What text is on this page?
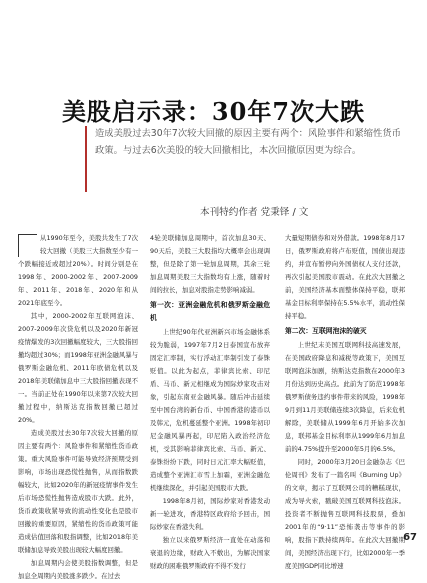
美股启示录：30年7次大跌
造成美股过去30年7次较大回撤的原因主要有两个：风险事件和紧缩性货币政策。与过去6次美股的较大回撤相比，本次回撤原因更为综合。
本刊特约作者 党秉铎 / 文

从1990年至今，美股共发生了7次较大回撤（美股三大指数至少有一个跌幅接近或超过20%）。时间分别是在1998年、2000-2002年、2007-2009年、2011年、2018年、2020年和从2021年底至今。

其中，2000-2002年互联网泡沫、2007-2009年次贷危机以及2020年新冠疫情爆发的3次回撤幅度较大，三大股指回撤均超过30%；而1998年亚洲金融风暴与俄罗斯金融危机、2011年欧债危机以及2018年美联储加息中三大股指回撤表现不一。当前正处在1990年以来第7次较大回撤过程中，纳斯达克指数回撤已超过20%。

造成美股过去30年7次较大回撤的原因主要有两个：风险事件和紧缩性货币政策。重大风险事件可能导致经济预期受到影响，市场出现恐慌性抛售，从而指数跌幅较大，比如2020年的新冠疫情事件发生后市场恐慌性抛售造成股市大跌。此外，货币政策收紧导致的流动性变化也是股市回撤的重要原因，紧缩性的货币政策可能造成估值回落和股指调整，比如2018年美联储加息导致美股出现较大幅度回撤。

加息周期内会使美股指数调整，但是加息全周期内美股涨多跌少。在过去

4轮美联储加息周期中，首次加息30天、90天后，美股三大股指均大概率会出现调整，但是除了第一轮加息周期，其余三轮加息周期美股三大指数均有上涨，随着时间的拉长，加息对股指走势影响减弱。

第一次：亚洲金融危机和俄罗斯金融危机

上世纪90年代亚洲新兴市场金融体系较为脆弱，1997年7月2日泰国宣布放弃固定汇率制，实行浮动汇率制引发了泰铢贬值。以此为起点，菲律宾比索、印尼盾、马币、新元相继成为国际炒家攻击对象，引起东南亚金融风暴。随后冲击延续至中国台湾的新台币、中国香港的港币以及韩元，危机蔓延整个亚洲。1998年初印尼金融风暴再起，印尼陷入政治经济危机，受其影响菲律宾比索、马币、新元、泰铢纷纷下跌，同时日元汇率大幅贬值，造成整个亚洲汇市雪上加霜，亚洲金融危机继续深化，并引起美国股市大跌。

1998年8月初，国际炒家对香港发动新一轮进攻，香港特区政府给予回击，国际炒家在香港失利。

独立以来俄罗斯经济一直处在动荡和衰退的边缘，财政入不敷出，为解决国家财政的困难俄罗斯政府不得不发行

大量短期债券和对外借款。1998年8月17日，俄罗斯政府将卢布贬值，国债出现违约，并宣布暂停向外国债权人支付还款，再次引起美国股市震动。在此次大回撤之前，美国经济基本面整体保持平稳，联邦基金目标利率保持在5.5%水平，流动性保持平稳。

第二次：互联网泡沫的破灭

上世纪末美国互联网科技高速发展，在美国政府降息和减税等政策下，美国互联网泡沫加剧，纳斯达克指数在2000年3月份达到历史高点。此前为了防范1998年俄罗斯债务违约事件带来的风险，1998年9月到11月美联储连续3次降息，后来危机解除，美联储从1999年6月开始多次加息，联邦基金目标利率从1999年6月加息前的4.75%提升至2000年5月的6.5%。

同时，2000年3月20日金融杂志《巴伦周刊》发布了一篇名叫《Burning Up》的文章，揭示了互联网公司的糟糕现状，成为导火索，戳破美国互联网科技泡沫。投资者不断抛售互联网科技股票，叠加2001年的“9·11”恐怖袭击等事件的影响，股指下跌持续两年。在此次大回撤期间，美国经济出现下行，比如2000年一季度美国GDP同比增速

67
